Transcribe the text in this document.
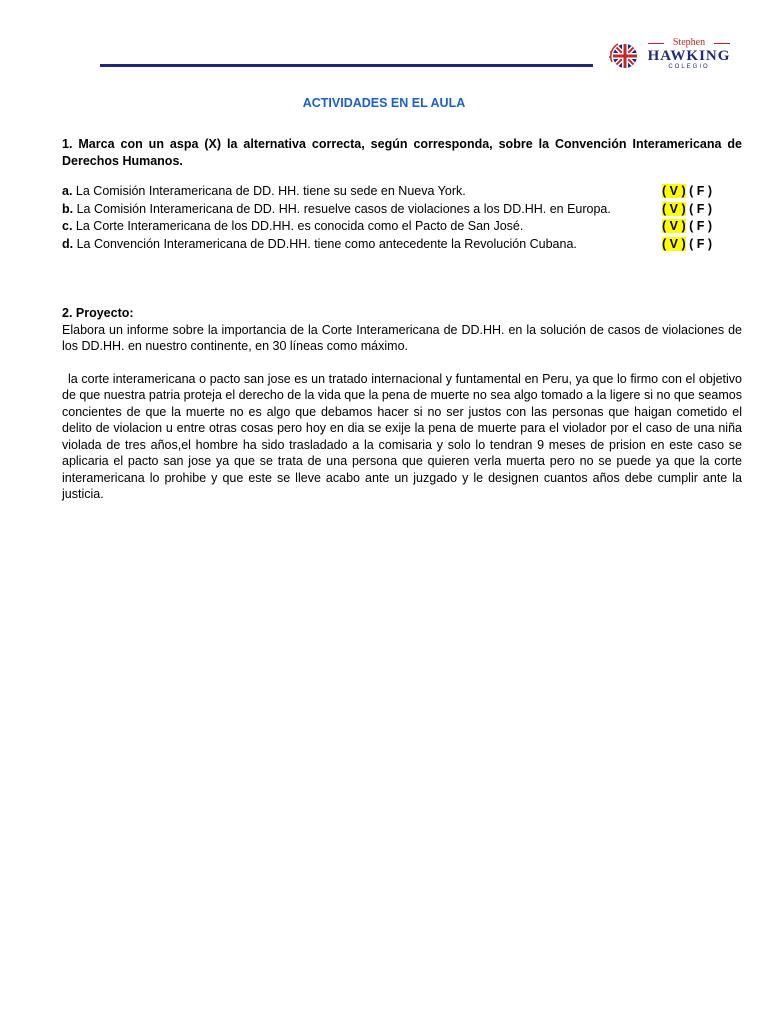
Stephen
HAWKING
COLEGIO
ACTIVIDADES EN EL AULA

1. Marca con un aspa (X) la alternativa correcta, según corresponda, sobre la Convención Interamericana de Derechos Humanos.

a. La Comisión Interamericana de DD. HH. tiene su sede en Nueva York.	( V ) ( F )
b. La Comisión Interamericana de DD. HH. resuelve casos de violaciones a los DD.HH. en Europa.	( V ) ( F )
c. La Corte Interamericana de los DD.HH. es conocida como el Pacto de San José.	( V ) ( F )
d. La Convención Interamericana de DD.HH. tiene como antecedente la Revolución Cubana.	( V ) ( F )

2. Proyecto:

Elabora un informe sobre la importancia de la Corte Interamericana de DD.HH. en la solución de casos de violaciones de los DD.HH. en nuestro continente, en 30 líneas como máximo.

la corte interamericana o pacto san jose es un tratado internacional y funtamental en Peru, ya que lo firmo con el objetivo de que nuestra patria proteja el derecho de la vida que la pena de muerte no sea algo tomado a la ligere si no que seamos concientes de que la muerte no es algo que debamos hacer si no ser justos con las personas que haigan cometido el delito de violacion u entre otras cosas pero hoy en dia se exije la pena de muerte para el violador por el caso de una niña violada de tres años,el hombre ha sido trasladado a la comisaria y solo lo tendran 9 meses de prision en este caso se aplicaria el pacto san jose ya que se trata de una persona que quieren verla muerta pero no se puede ya que la corte interamericana lo prohibe y que este se lleve acabo ante un juzgado y le designen cuantos años debe cumplir ante la justicia.
